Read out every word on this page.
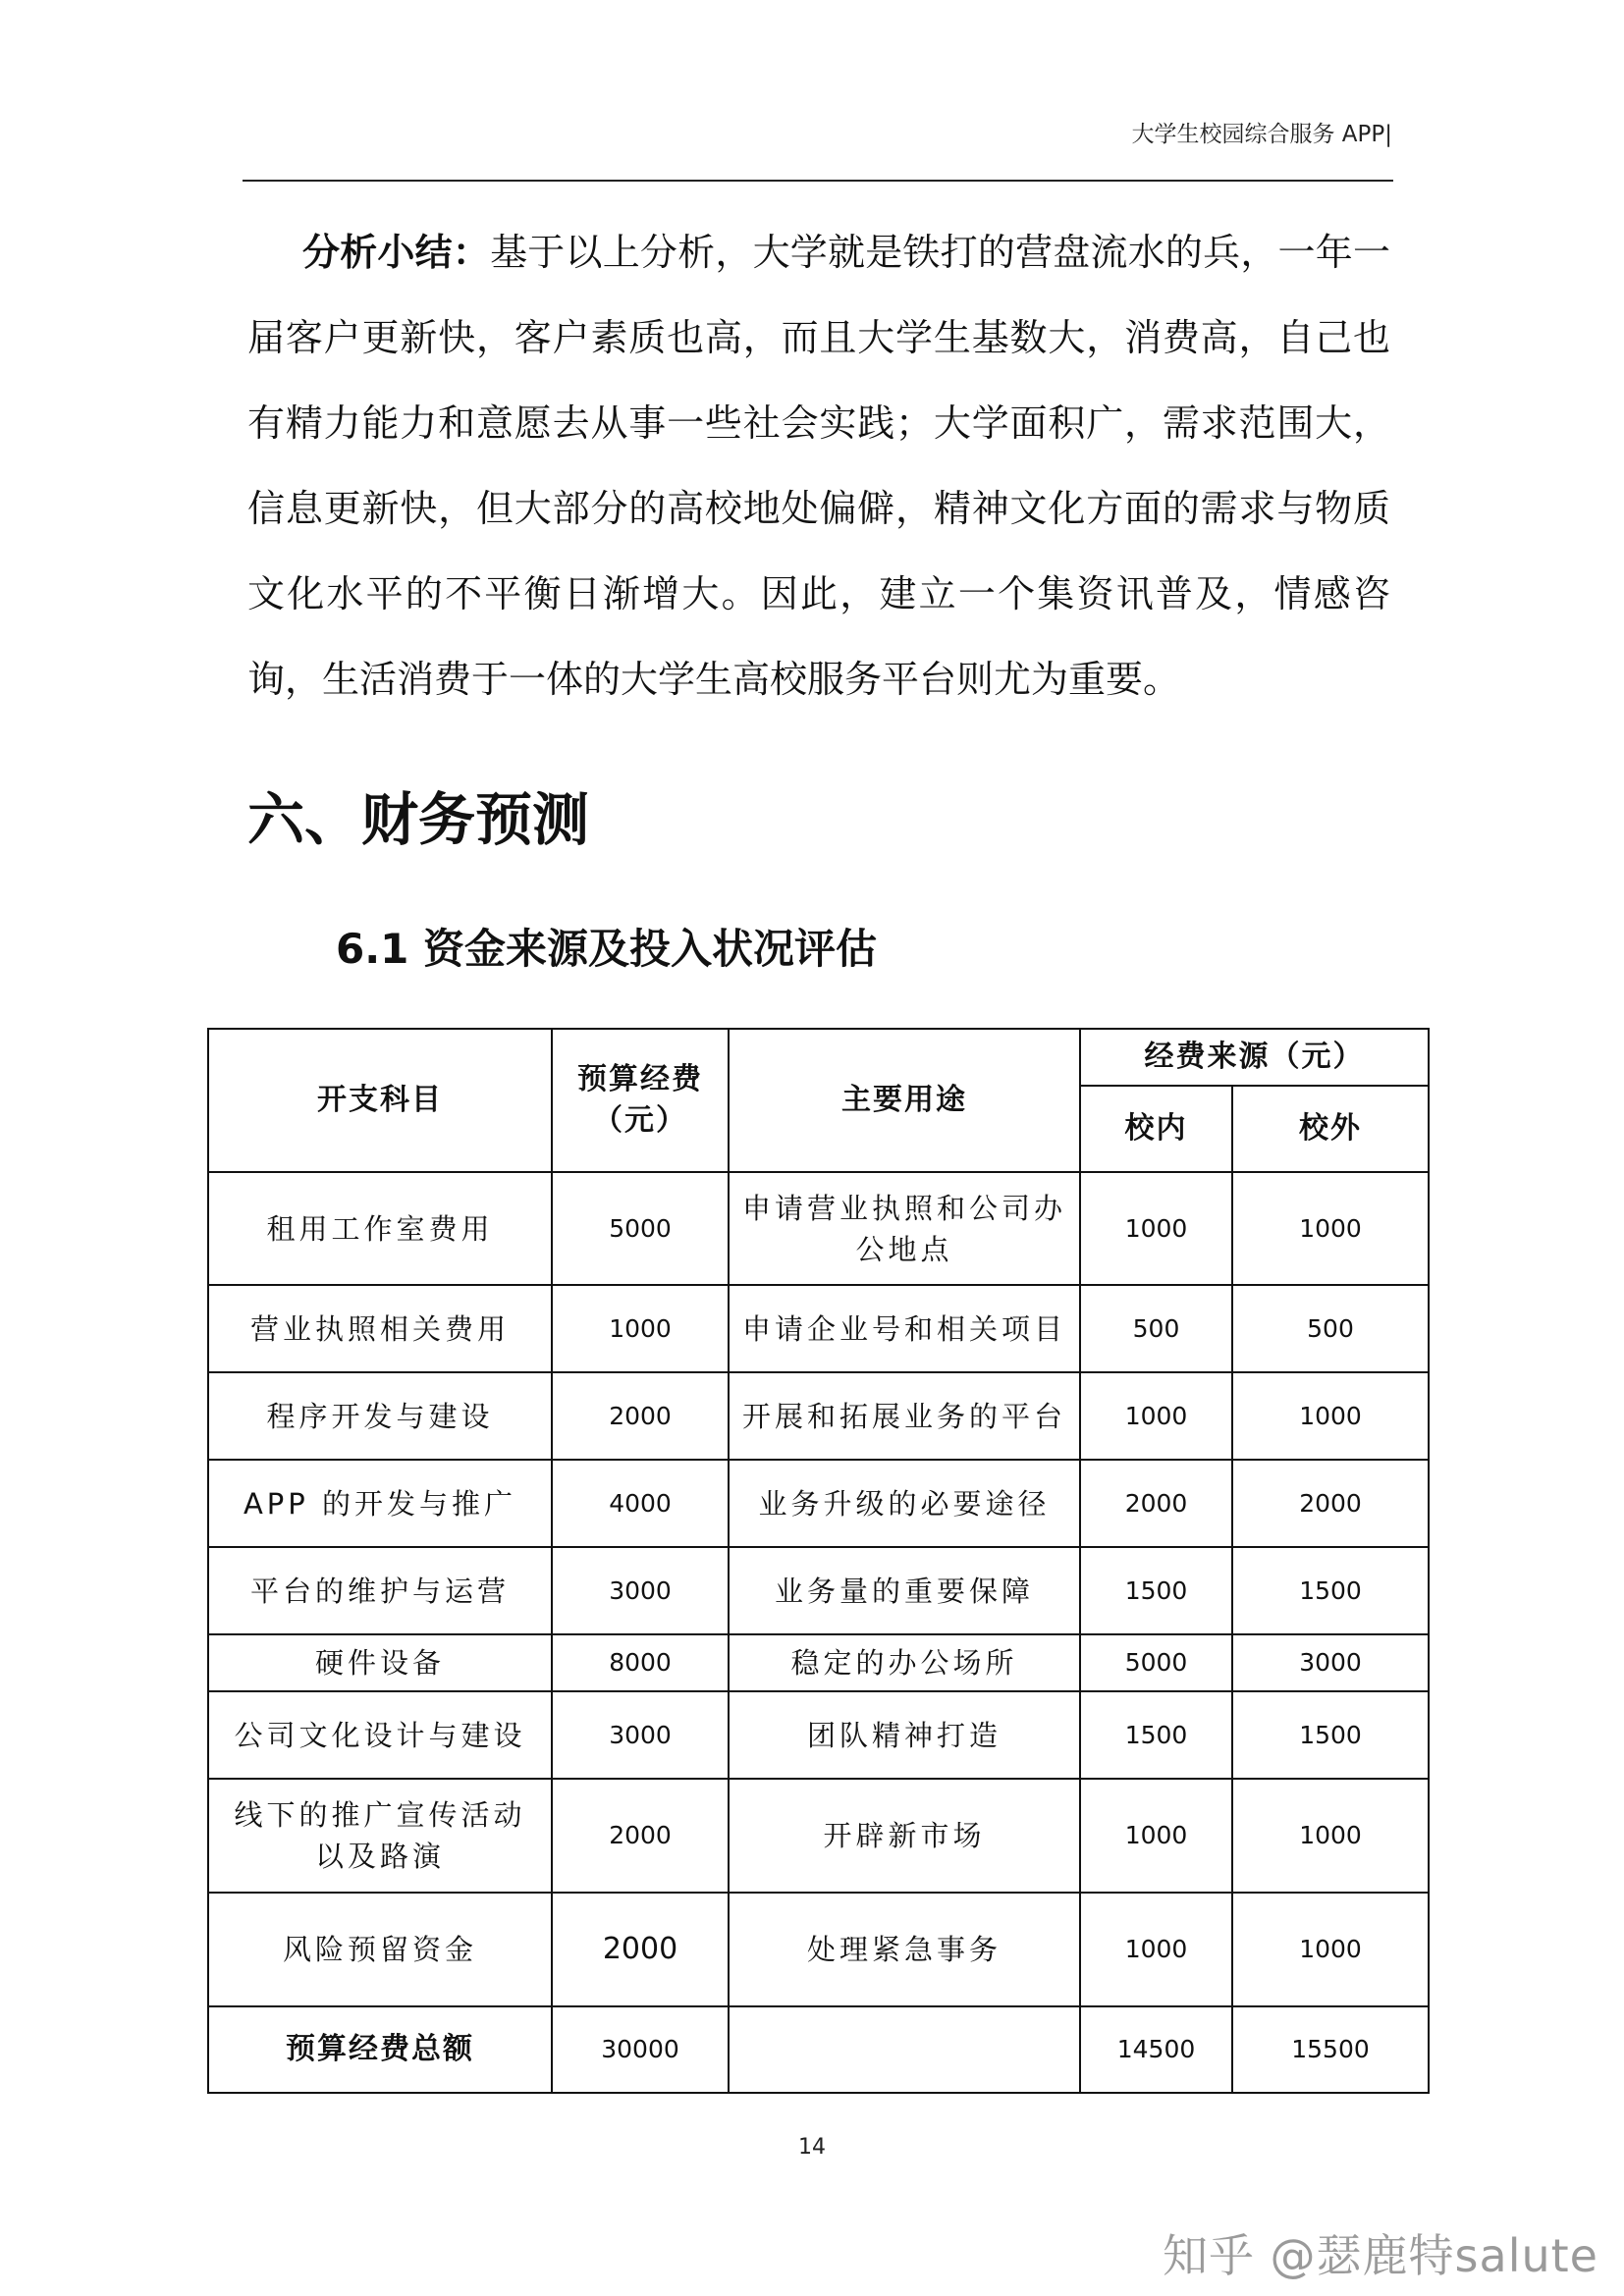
大学生校园综合服务 APP|

分析小结：基于以上分析，大学就是铁打的营盘流水的兵，一年一届客户更新快，客户素质也高，而且大学生基数大，消费高，自己也有精力能力和意愿去从事一些社会实践；大学面积广，需求范围大，信息更新快，但大部分的高校地处偏僻，精神文化方面的需求与物质文化水平的不平衡日渐增大。因此，建立一个集资讯普及，情感咨询，生活消费于一体的大学生高校服务平台则尤为重要。

六、财务预测
6.1 资金来源及投入状况评估
开支科目	预算经费（元）	主要用途	经费来源（元）	
			校内	校外
租用工作室费用	5000	申请营业执照和公司办公地点	1000	1000
营业执照相关费用	1000	申请企业号和相关项目	500	500
程序开发与建设	2000	开展和拓展业务的平台	1000	1000
APP 的开发与推广	4000	业务升级的必要途径	2000	2000
平台的维护与运营	3000	业务量的重要保障	1500	1500
硬件设备	8000	稳定的办公场所	5000	3000
公司文化设计与建设	3000	团队精神打造	1500	1500
线下的推广宣传活动以及路演	2000	开辟新市场	1000	1000
风险预留资金	2000	处理紧急事务	1000	1000
预算经费总额	30000		14500	15500
14
知乎 @瑟鹿特salute
